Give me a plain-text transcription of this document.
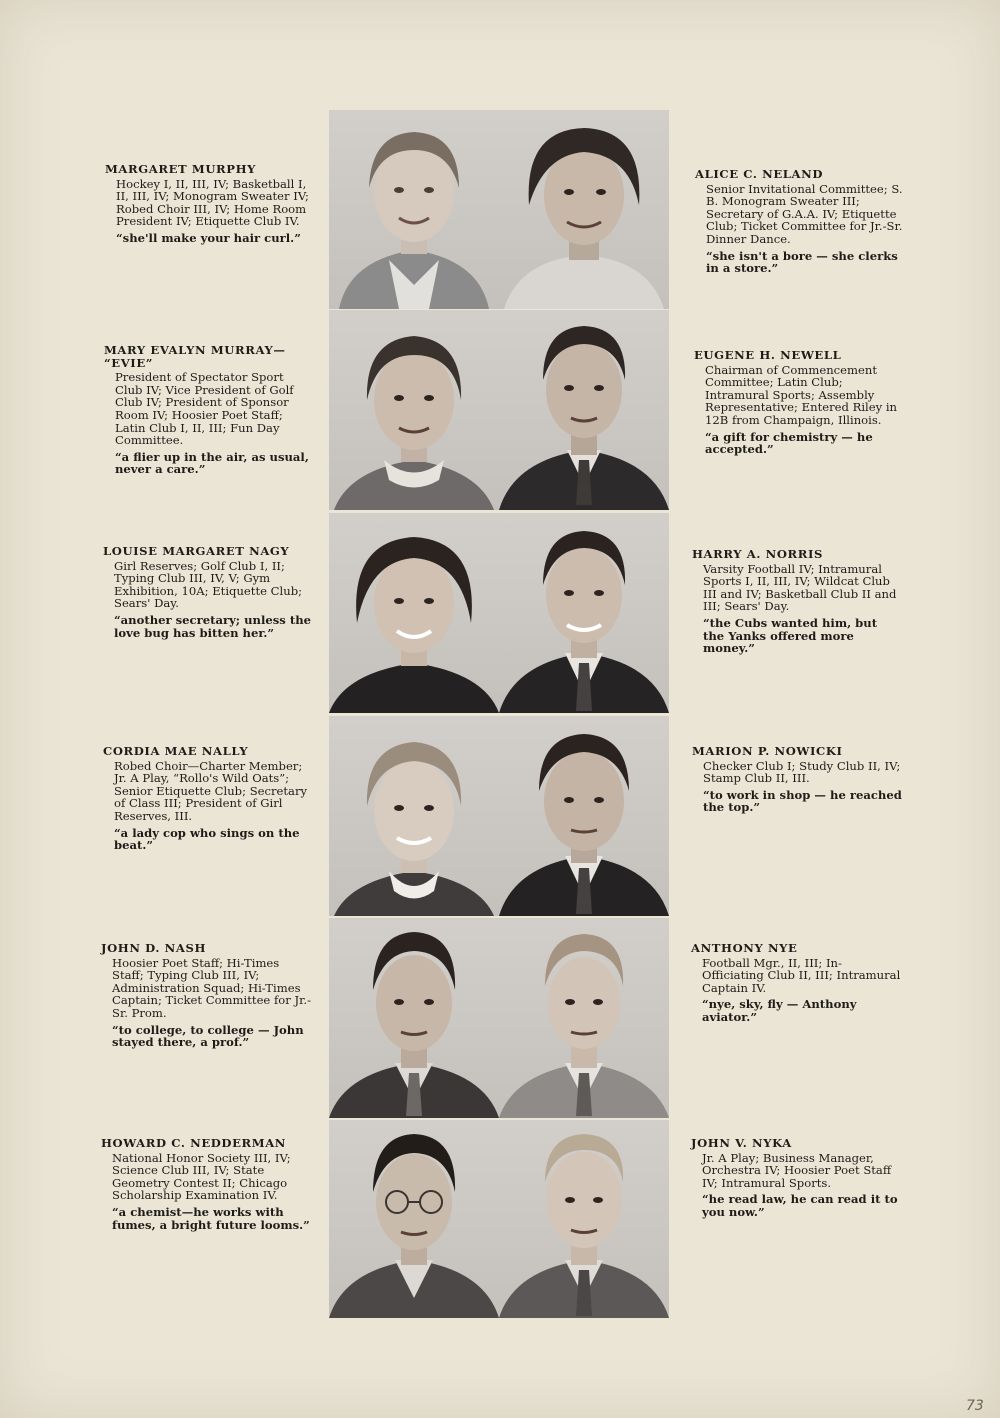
MARGARET MURPHY
Hockey I, II, III, IV; Basketball I, II, III, IV; Monogram Sweater IV; Robed Choir III, IV; Home Room President IV; Etiquette Club IV.
“she'll make your hair curl.”
MARY EVALYN MURRAY— “EVIE”
President of Spectator Sport Club IV; Vice President of Golf Club IV; President of Sponsor Room IV; Hoosier Poet Staff; Latin Club I, II, III; Fun Day Committee.
“a flier up in the air, as usual, never a care.”
LOUISE MARGARET NAGY
Girl Reserves; Golf Club I, II; Typing Club III, IV, V; Gym Exhibition, 10A; Etiquette Club; Sears' Day.
“another secretary; unless the love bug has bitten her.”
CORDIA MAE NALLY
Robed Choir—Charter Member; Jr. A Play, “Rollo's Wild Oats”; Senior Etiquette Club; Secretary of Class III; President of Girl Reserves, III.
“a lady cop who sings on the beat.”
JOHN D. NASH
Hoosier Poet Staff; Hi-Times Staff; Typing Club III, IV; Administration Squad; Hi-Times Captain; Ticket Committee for Jr.-Sr. Prom.
“to college, to college — John stayed there, a prof.”
HOWARD C. NEDDERMAN
National Honor Society III, IV; Science Club III, IV; State Geometry Contest II; Chicago Scholarship Examination IV.
“a chemist—he works with fumes, a bright future looms.”
ALICE C. NELAND
Senior Invitational Committee; S. B. Monogram Sweater III; Secretary of G.A.A. IV; Etiquette Club; Ticket Committee for Jr.-Sr. Dinner Dance.
“she isn't a bore — she clerks in a store.”
EUGENE H. NEWELL
Chairman of Commencement Committee; Latin Club; Intramural Sports; Assembly Representative; Entered Riley in 12B from Champaign, Illinois.
“a gift for chemistry — he accepted.”
HARRY A. NORRIS
Varsity Football IV; Intramural Sports I, II, III, IV; Wildcat Club III and IV; Basketball Club II and III; Sears' Day.
“the Cubs wanted him, but the Yanks offered more money.”
MARION P. NOWICKI
Checker Club I; Study Club II, IV; Stamp Club II, III.
“to work in shop — he reached the top.”
ANTHONY NYE
Football Mgr., II, III; In-Officiating Club II, III; Intramural Captain IV.
“nye, sky, fly — Anthony aviator.”
JOHN V. NYKA
Jr. A Play; Business Manager, Orchestra IV; Hoosier Poet Staff IV; Intramural Sports.
“he read law, he can read it to you now.”
73
